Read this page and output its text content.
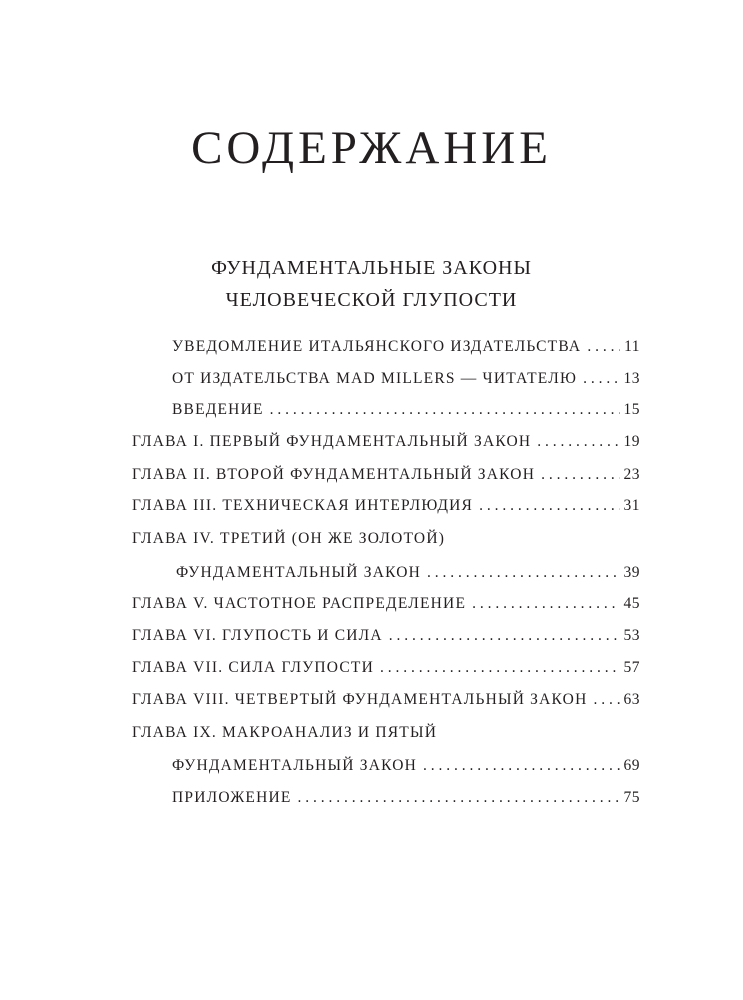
СОДЕРЖАНИЕ
ФУНДАМЕНТАЛЬНЫЕ ЗАКОНЫ
ЧЕЛОВЕЧЕСКОЙ ГЛУПОСТИ
УВЕДОМЛЕНИЕ ИТАЛЬЯНСКОГО ИЗДАТЕЛЬСТВА . . .	11
ОТ ИЗДАТЕЛЬСТВА MAD MILLERS — ЧИТАТЕЛЮ . . .	13
ВВЕДЕНИЕ . . .	15
ГЛАВА I. ПЕРВЫЙ ФУНДАМЕНТАЛЬНЫЙ ЗАКОН . . .	19
ГЛАВА II. ВТОРОЙ ФУНДАМЕНТАЛЬНЫЙ ЗАКОН . . .	23
ГЛАВА III. ТЕХНИЧЕСКАЯ ИНТЕРЛЮДИЯ . . .	31
ГЛАВА IV. ТРЕТИЙ (ОН ЖЕ ЗОЛОТОЙ)
ФУНДАМЕНТАЛЬНЫЙ ЗАКОН . . .	39
ГЛАВА V. ЧАСТОТНОЕ РАСПРЕДЕЛЕНИЕ . . .	45
ГЛАВА VI. ГЛУПОСТЬ И СИЛА . . .	53
ГЛАВА VII. СИЛА ГЛУПОСТИ . . .	57
ГЛАВА VIII. ЧЕТВЕРТЫЙ ФУНДАМЕНТАЛЬНЫЙ ЗАКОН . . .	63
ГЛАВА IX. МАКРОАНАЛИЗ И ПЯТЫЙ
ФУНДАМЕНТАЛЬНЫЙ ЗАКОН . . .	69
ПРИЛОЖЕНИЕ . . .	75
